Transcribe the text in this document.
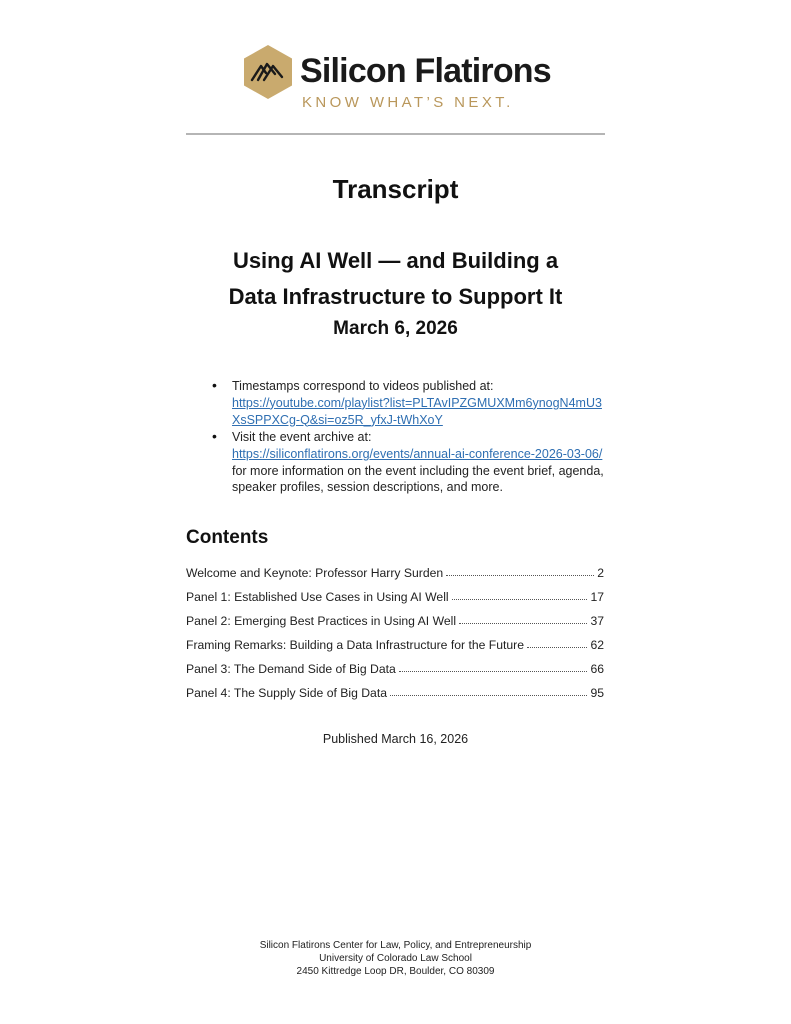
Silicon Flatirons
KNOW WHAT’S NEXT.
Transcript
Using AI Well — and Building a
Data Infrastructure to Support It
March 6, 2026
• Timestamps correspond to videos published at:
https://youtube.com/playlist?list=PLTAvIPZGMUXMm6ynogN4mU3XsSPPXCg-Q&si=oz5R_yfxJ-tWhXoY
• Visit the event archive at:
https://siliconflatirons.org/events/annual-ai-conference-2026-03-06/ for more information on the event including the event brief, agenda, speaker profiles, session descriptions, and more.
Contents
Welcome and Keynote: Professor Harry Surden	2
Panel 1: Established Use Cases in Using AI Well	17
Panel 2: Emerging Best Practices in Using AI Well	37
Framing Remarks: Building a Data Infrastructure for the Future	62
Panel 3: The Demand Side of Big Data	66
Panel 4: The Supply Side of Big Data	95
Published March 16, 2026
Silicon Flatirons Center for Law, Policy, and Entrepreneurship
University of Colorado Law School
2450 Kittredge Loop DR, Boulder, CO 80309
